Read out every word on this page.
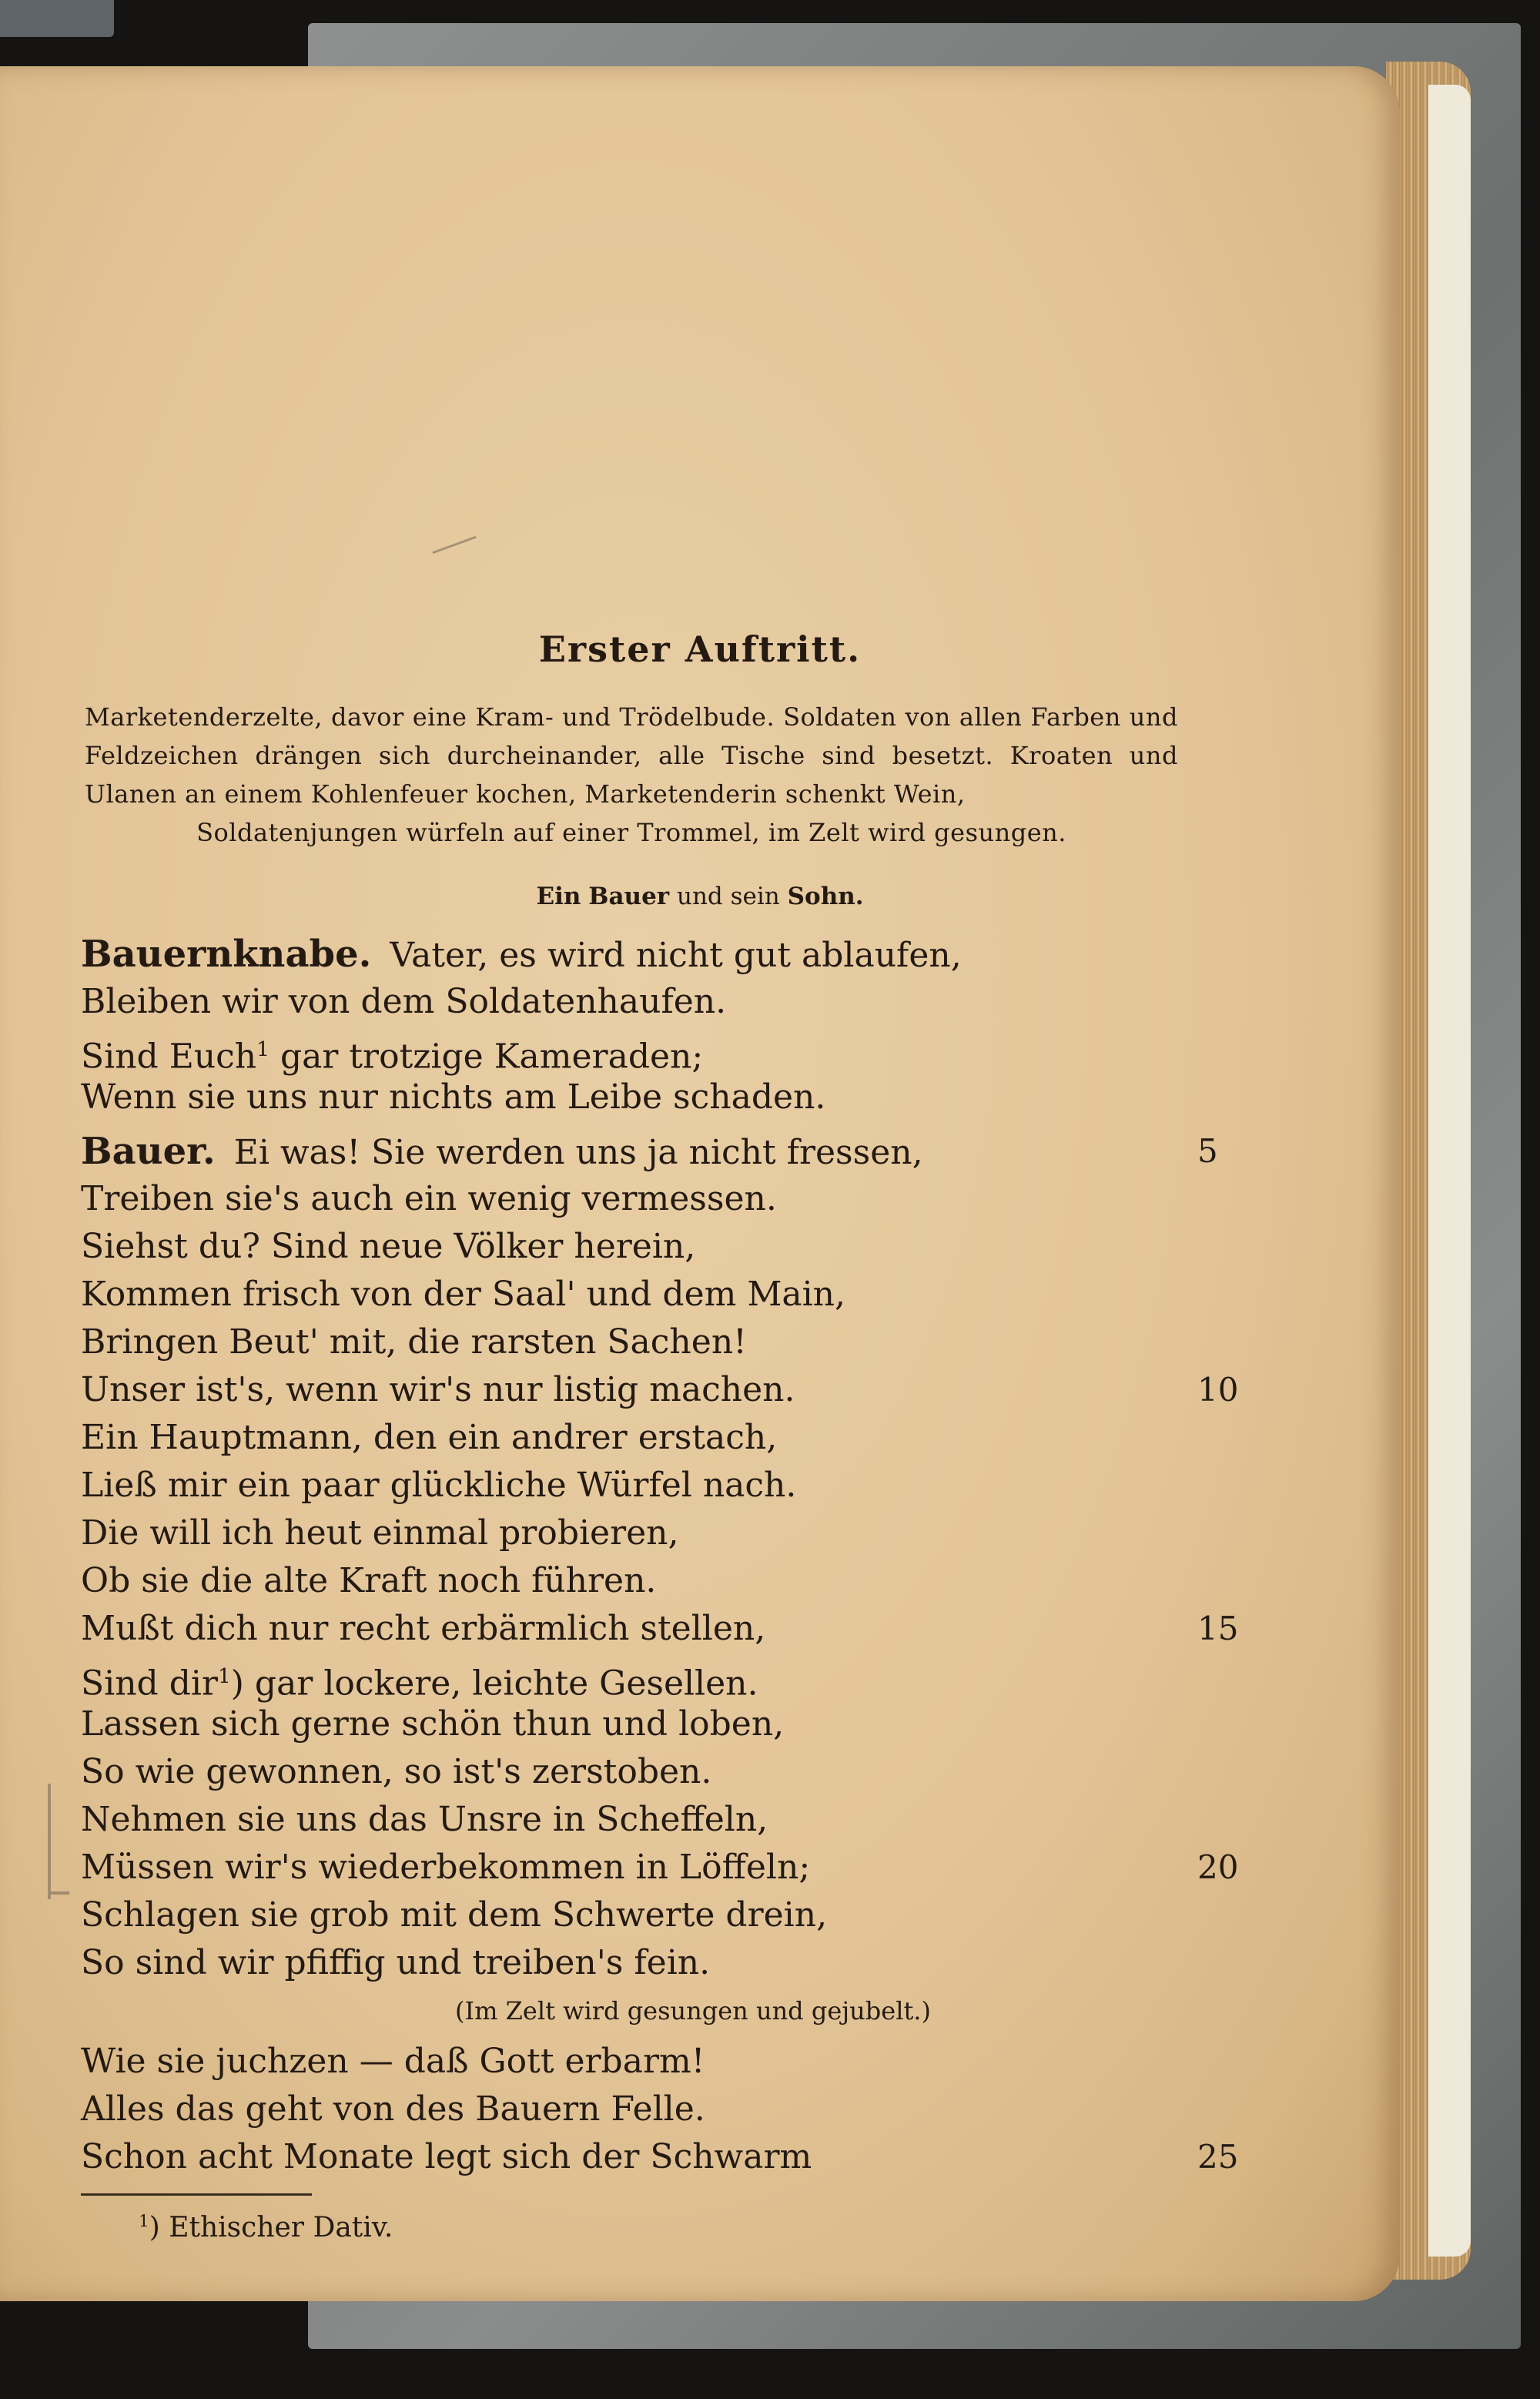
Erster Auftritt.
Marketenderzelte, davor eine Kram- und Trödelbude. Soldaten von allen Farben und Feldzeichen drängen sich durcheinander, alle Tische sind besetzt. Kroaten und Ulanen an einem Kohlenfeuer kochen, Marketenderin schenkt Wein,
Soldatenjungen würfeln auf einer Trommel, im Zelt wird gesungen.
Ein Bauer und sein Sohn.
Bauernknabe. Vater, es wird nicht gut ablaufen,
Bleiben wir von dem Soldatenhaufen.
Sind Euch$^1$ gar trotzige Kameraden;
Wenn sie uns nur nichts am Leibe schaden.
Bauer. Ei was! Sie werden uns ja nicht fressen,	5
Treiben sie's auch ein wenig vermessen.
Siehst du? Sind neue Völker herein,
Kommen frisch von der Saal' und dem Main,
Bringen Beut' mit, die rarsten Sachen!
Unser ist's, wenn wir's nur listig machen.	10
Ein Hauptmann, den ein andrer erstach,
Ließ mir ein paar glückliche Würfel nach.
Die will ich heut einmal probieren,
Ob sie die alte Kraft noch führen.
Mußt dich nur recht erbärmlich stellen,	15
Sind dir$^1$) gar lockere, leichte Gesellen.
Lassen sich gerne schön thun und loben,
So wie gewonnen, so ist's zerstoben.
Nehmen sie uns das Unsre in Scheffeln,
Müssen wir's wiederbekommen in Löffeln;	20
Schlagen sie grob mit dem Schwerte drein,
So sind wir pfiffig und treiben's fein.
(Im Zelt wird gesungen und gejubelt.)
Wie sie juchzen — daß Gott erbarm!
Alles das geht von des Bauern Felle.
Schon acht Monate legt sich der Schwarm	25
$^1$) Ethischer Dativ.
